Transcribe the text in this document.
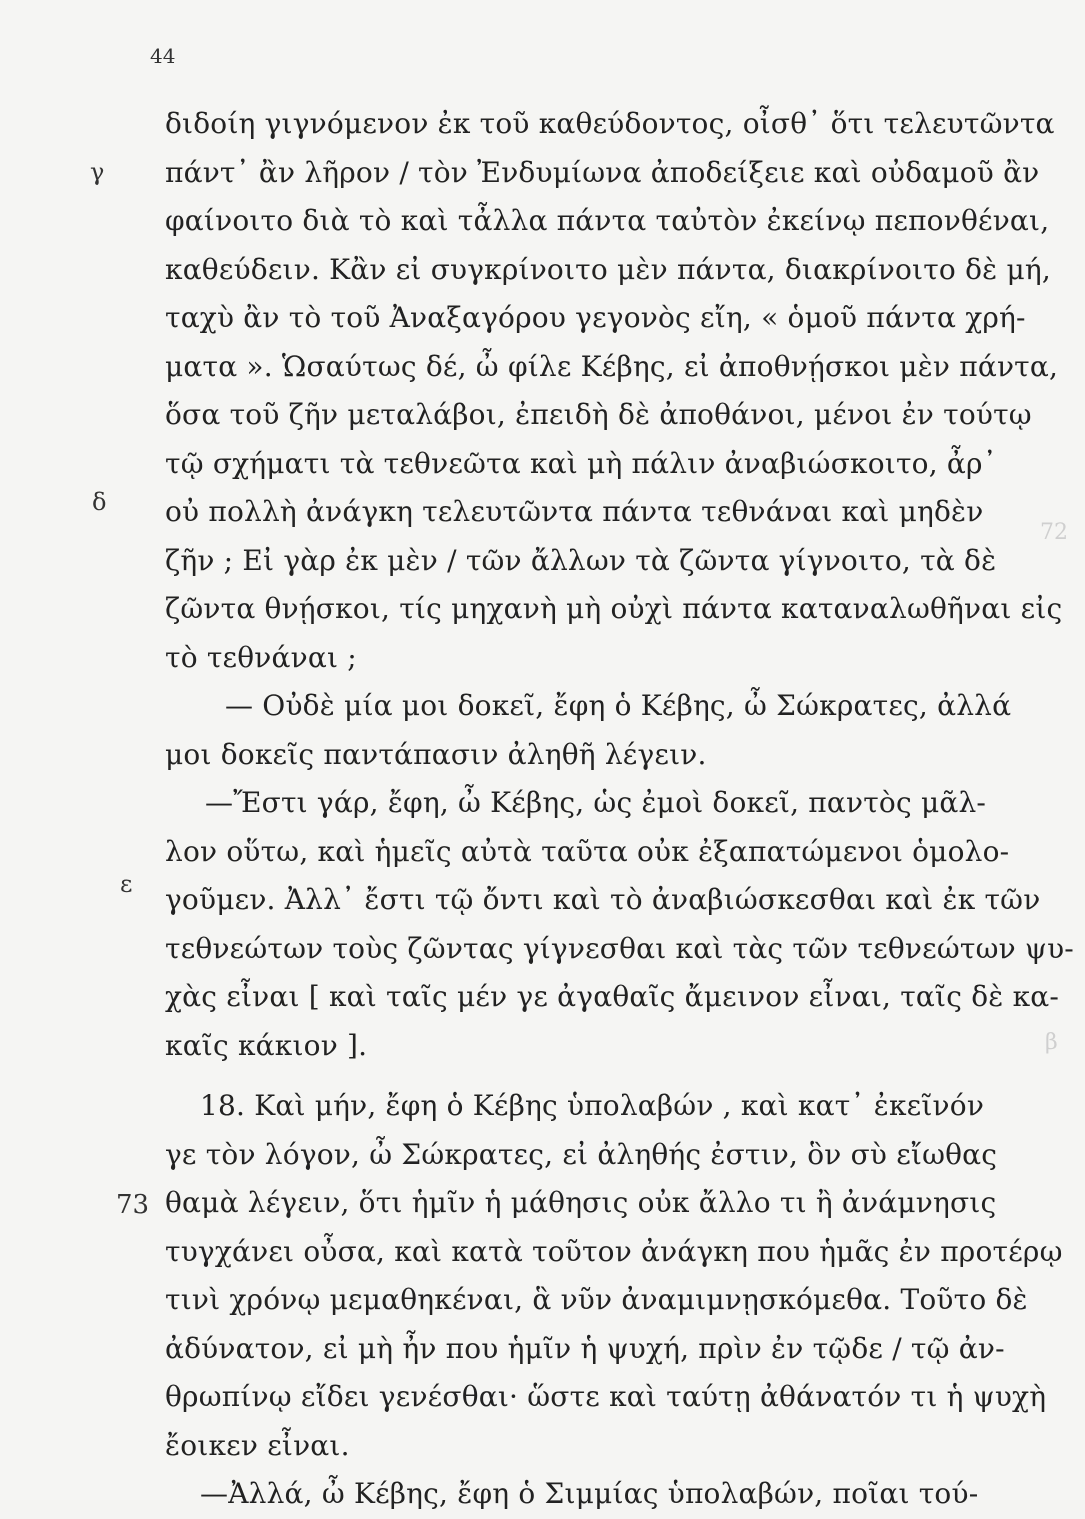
44
72
β
γ
δ
ε
73
διδοίη γιγνόμενον ἐκ τοῦ καθεύδοντος, οἶσθ᾽ ὅτι τελευτῶντα
πάντ᾽ ἂν λῆρον / τὸν Ἐνδυμίωνα ἀποδείξειε καὶ οὐδαμοῦ ἂν
φαίνοιτο διὰ τὸ καὶ τἆλλα πάντα ταὐτὸν ἐκείνῳ πεπονθέναι,
καθεύδειν. Κἂν εἰ συγκρίνοιτο μὲν πάντα, διακρίνοιτο δὲ μή,
ταχὺ ἂν τὸ τοῦ Ἀναξαγόρου γεγονὸς εἴη, « ὁμοῦ πάντα χρή-
ματα ». Ὡσαύτως δέ, ὦ φίλε Κέβης, εἰ ἀποθνῄσκοι μὲν πάντα,
ὅσα τοῦ ζῆν μεταλάβοι, ἐπειδὴ δὲ ἀποθάνοι, μένοι ἐν τούτῳ
τῷ σχήματι τὰ τεθνεῶτα καὶ μὴ πάλιν ἀναβιώσκοιτο, ἆρ᾽
οὐ πολλὴ ἀνάγκη τελευτῶντα πάντα τεθνάναι καὶ μηδὲν
ζῆν ; Εἰ γὰρ ἐκ μὲν / τῶν ἄλλων τὰ ζῶντα γίγνοιτο, τὰ δὲ
ζῶντα θνῄσκοι, τίς μηχανὴ μὴ οὐχὶ πάντα καταναλωθῆναι εἰς
τὸ τεθνάναι ;
— Οὐδὲ μία μοι δοκεῖ, ἔφη ὁ Κέβης, ὦ Σώκρατες, ἀλλά
μοι δοκεῖς παντάπασιν ἀληθῆ λέγειν.
—Ἔστι γάρ, ἔφη, ὦ Κέβης, ὡς ἐμοὶ δοκεῖ, παντὸς μᾶλ-
λον οὕτω, καὶ ἡμεῖς αὐτὰ ταῦτα οὐκ ἐξαπατώμενοι ὁμολο-
γοῦμεν. Ἀλλ᾽ ἔστι τῷ ὄντι καὶ τὸ ἀναβιώσκεσθαι καὶ ἐκ τῶν
τεθνεώτων τοὺς ζῶντας γίγνεσθαι καὶ τὰς τῶν τεθνεώτων ψυ-
χὰς εἶναι [ καὶ ταῖς μέν γε ἀγαθαῖς ἄμεινον εἶναι, ταῖς δὲ κα-
καῖς κάκιον ].
18. Καὶ μήν, ἔφη ὁ Κέβης ὑπολαβών , καὶ κατ᾽ ἐκεῖνόν
γε τὸν λόγον, ὦ Σώκρατες, εἰ ἀληθής ἐστιν, ὃν σὺ εἴωθας
θαμὰ λέγειν, ὅτι ἡμῖν ἡ μάθησις οὐκ ἄλλο τι ἢ ἀνάμνησις
τυγχάνει οὖσα, καὶ κατὰ τοῦτον ἀνάγκη που ἡμᾶς ἐν προτέρῳ
τινὶ χρόνῳ μεμαθηκέναι, ἃ νῦν ἀναμιμνῃσκόμεθα. Τοῦτο δὲ
ἀδύνατον, εἰ μὴ ἦν που ἡμῖν ἡ ψυχή, πρὶν ἐν τῷδε / τῷ ἀν-
θρωπίνῳ εἴδει γενέσθαι· ὥστε καὶ ταύτῃ ἀθάνατόν τι ἡ ψυχὴ
ἔοικεν εἶναι.
—Ἀλλά, ὦ Κέβης, ἔφη ὁ Σιμμίας ὑπολαβών, ποῖαι τού-
